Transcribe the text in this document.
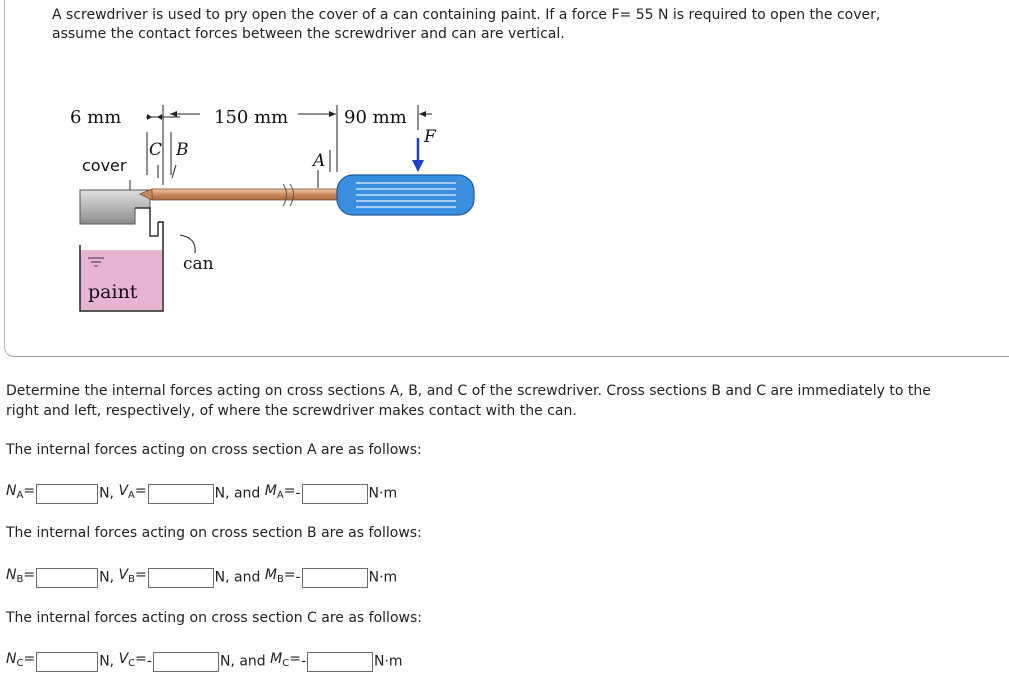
A screwdriver is used to pry open the cover of a can containing paint. If a force F= 55 N is required to open the cover,
assume the contact forces between the screwdriver and can are vertical.
6 mm	150 mm	90 mm
C B
A
F
cover
can
paint
Determine the internal forces acting on cross sections A, B, and C of the screwdriver. Cross sections B and C are immediately to the
right and left, respectively, of where the screwdriver makes contact with the can.
The internal forces acting on cross section A are as follows:
$N_A=$	N, $V_A=$	N, and $M_A=-$	N·m
The internal forces acting on cross section B are as follows:
$N_B=$	N, $V_B=$	N, and $M_B=-$	N·m
The internal forces acting on cross section C are as follows:
$N_C=$	N, $V_C=-$	N, and $M_C=-$	N·m
